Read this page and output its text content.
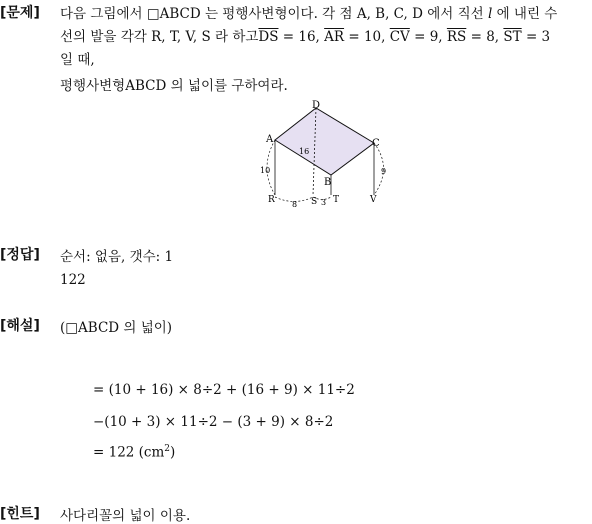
[문제] 다음 그림에서 □ABCD 는 평행사변형이다. 각 점 A, B, C, D 에서 직선 l 에 내린 수
선의 발을 각각 R, T, V, S 라 하고$\overline{DS} = 16$, $\overline{AR} = 10$, $\overline{CV} = 9$, $\overline{RS} = 8$, $\overline{ST} = 3$
일 때,
평행사변형ABCD 의 넓이를 구하여라.
A
B
C
D
R	S T	V
16
10	9
8	3
[정답] 순서: 없음, 갯수: 1
122
[해설] (□ABCD 의 넓이)
= (10 + 16) × 8÷2 + (16 + 9) × 11÷2
−(10 + 3) × 11÷2 − (3 + 9) × 8÷2
= 122 $(cm^2)$
[힌트] 사다리꼴의 넓이 이용.
